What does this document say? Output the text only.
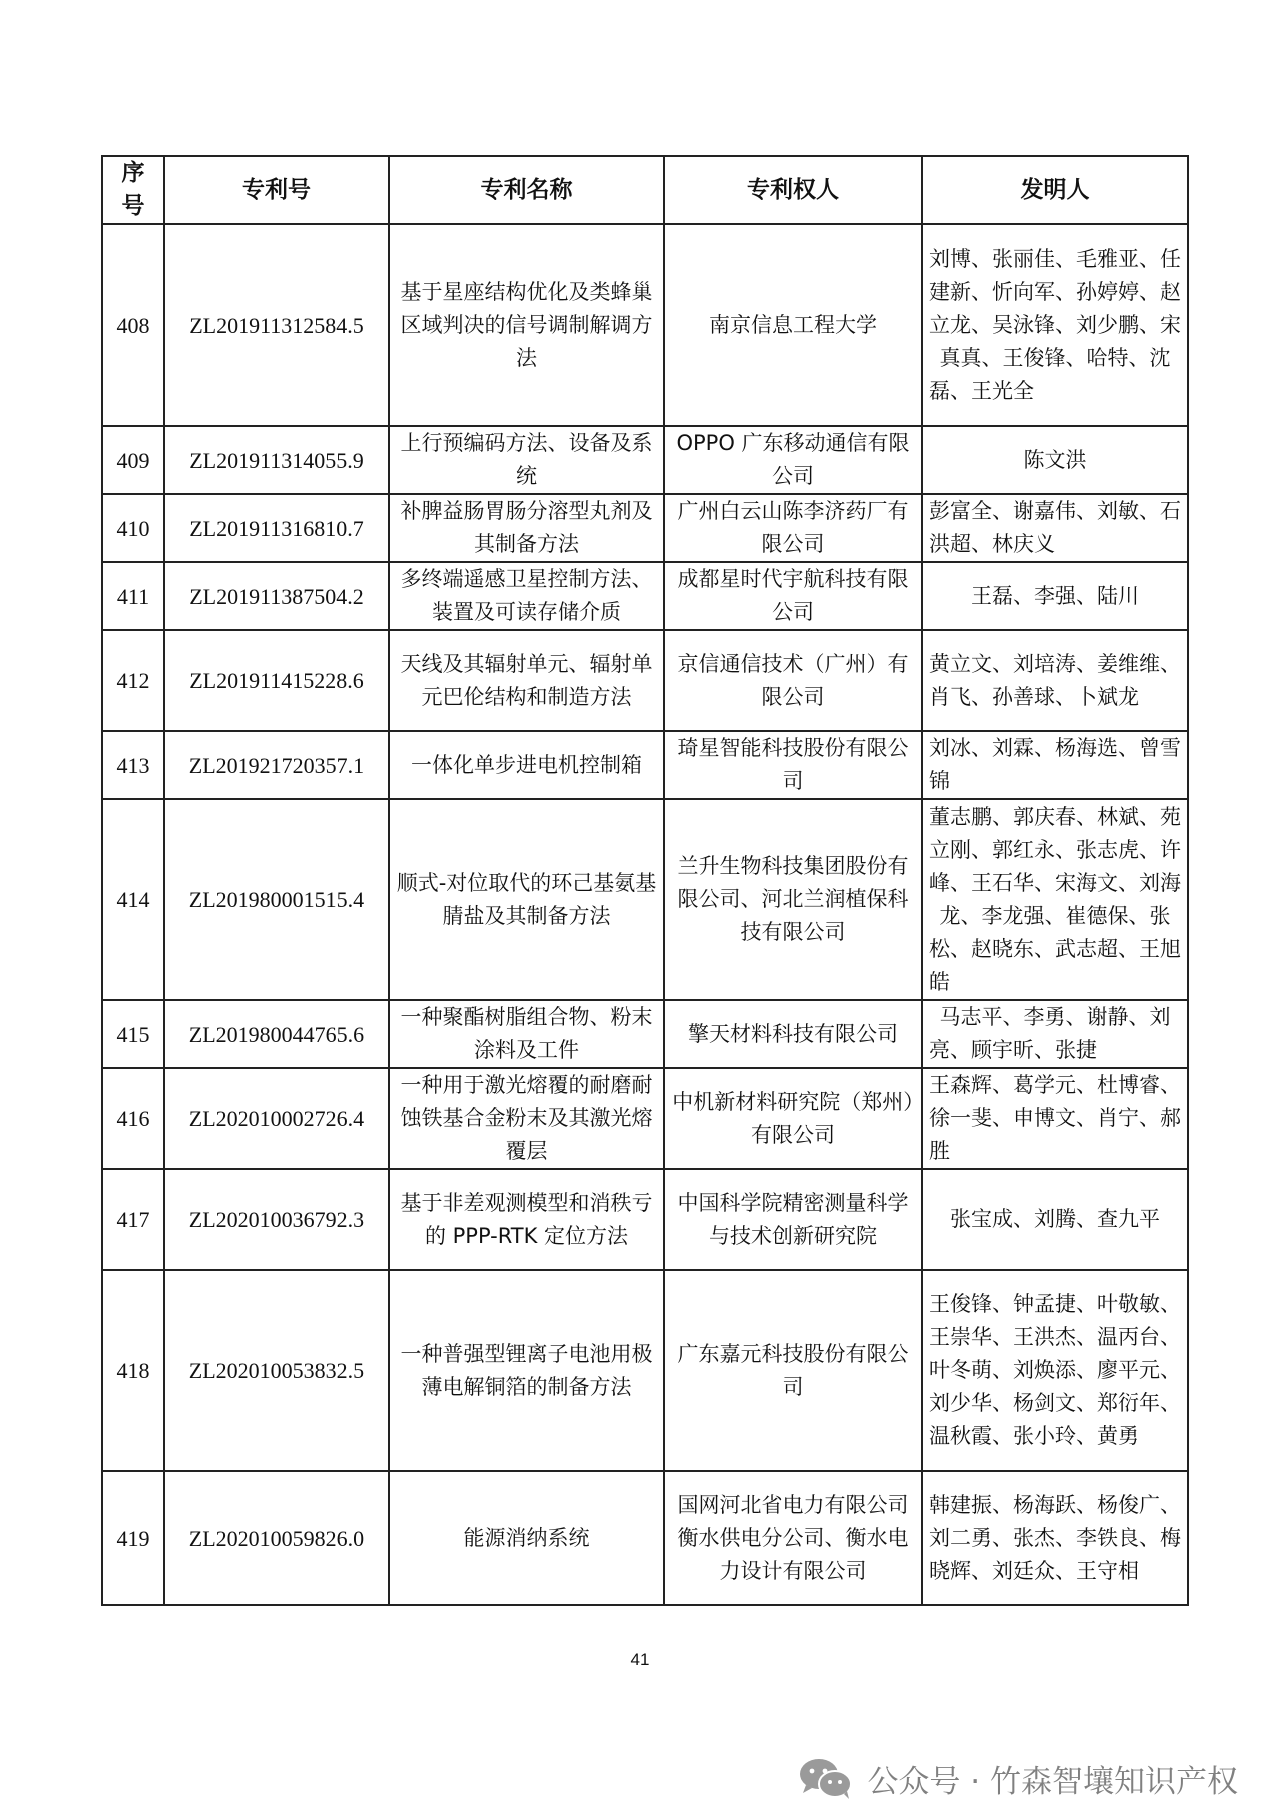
序
号	专利号	专利名称	专利权人	发明人
408	ZL201911312584.5	基于星座结构优化及类蜂巢区域判决的信号调制解调方法	南京信息工程大学	刘博、张丽佳、毛雅亚、任建新、忻向军、孙婷婷、赵立龙、吴泳锋、刘少鹏、宋真真、王俊锋、哈特、沈磊、王光全
409	ZL201911314055.9	上行预编码方法、设备及系统	OPPO 广东移动通信有限公司	陈文洪
410	ZL201911316810.7	补脾益肠胃肠分溶型丸剂及其制备方法	广州白云山陈李济药厂有限公司	彭富全、谢嘉伟、刘敏、石洪超、林庆义
411	ZL201911387504.2	多终端遥感卫星控制方法、装置及可读存储介质	成都星时代宇航科技有限公司	王磊、李强、陆川
412	ZL201911415228.6	天线及其辐射单元、辐射单元巴伦结构和制造方法	京信通信技术（广州）有限公司	黄立文、刘培涛、姜维维、肖飞、孙善球、卜斌龙
413	ZL201921720357.1	一体化单步进电机控制箱	琦星智能科技股份有限公司	刘冰、刘霖、杨海选、曾雪锦
414	ZL201980001515.4	顺式-对位取代的环己基氨基腈盐及其制备方法	兰升生物科技集团股份有限公司、河北兰润植保科技有限公司	董志鹏、郭庆春、林斌、苑立刚、郭红永、张志虎、许峰、王石华、宋海文、刘海龙、李龙强、崔德保、张松、赵晓东、武志超、王旭皓
415	ZL201980044765.6	一种聚酯树脂组合物、粉末涂料及工件	擎天材料科技有限公司	马志平、李勇、谢静、刘亮、顾宇昕、张捷
416	ZL202010002726.4	一种用于激光熔覆的耐磨耐蚀铁基合金粉末及其激光熔覆层	中机新材料研究院（郑州）有限公司	王森辉、葛学元、杜博睿、徐一斐、申博文、肖宁、郝胜
417	ZL202010036792.3	基于非差观测模型和消秩亏的 PPP-RTK 定位方法	中国科学院精密测量科学与技术创新研究院	张宝成、刘腾、查九平
418	ZL202010053832.5	一种普强型锂离子电池用极薄电解铜箔的制备方法	广东嘉元科技股份有限公司	王俊锋、钟孟捷、叶敬敏、王崇华、王洪杰、温丙台、叶冬萌、刘焕添、廖平元、刘少华、杨剑文、郑衍年、温秋霞、张小玲、黄勇
419	ZL202010059826.0	能源消纳系统	国网河北省电力有限公司衡水供电分公司、衡水电力设计有限公司	韩建振、杨海跃、杨俊广、刘二勇、张杰、李铁良、梅晓辉、刘廷众、王守相
41
公众号 · 竹森智壤知识产权
